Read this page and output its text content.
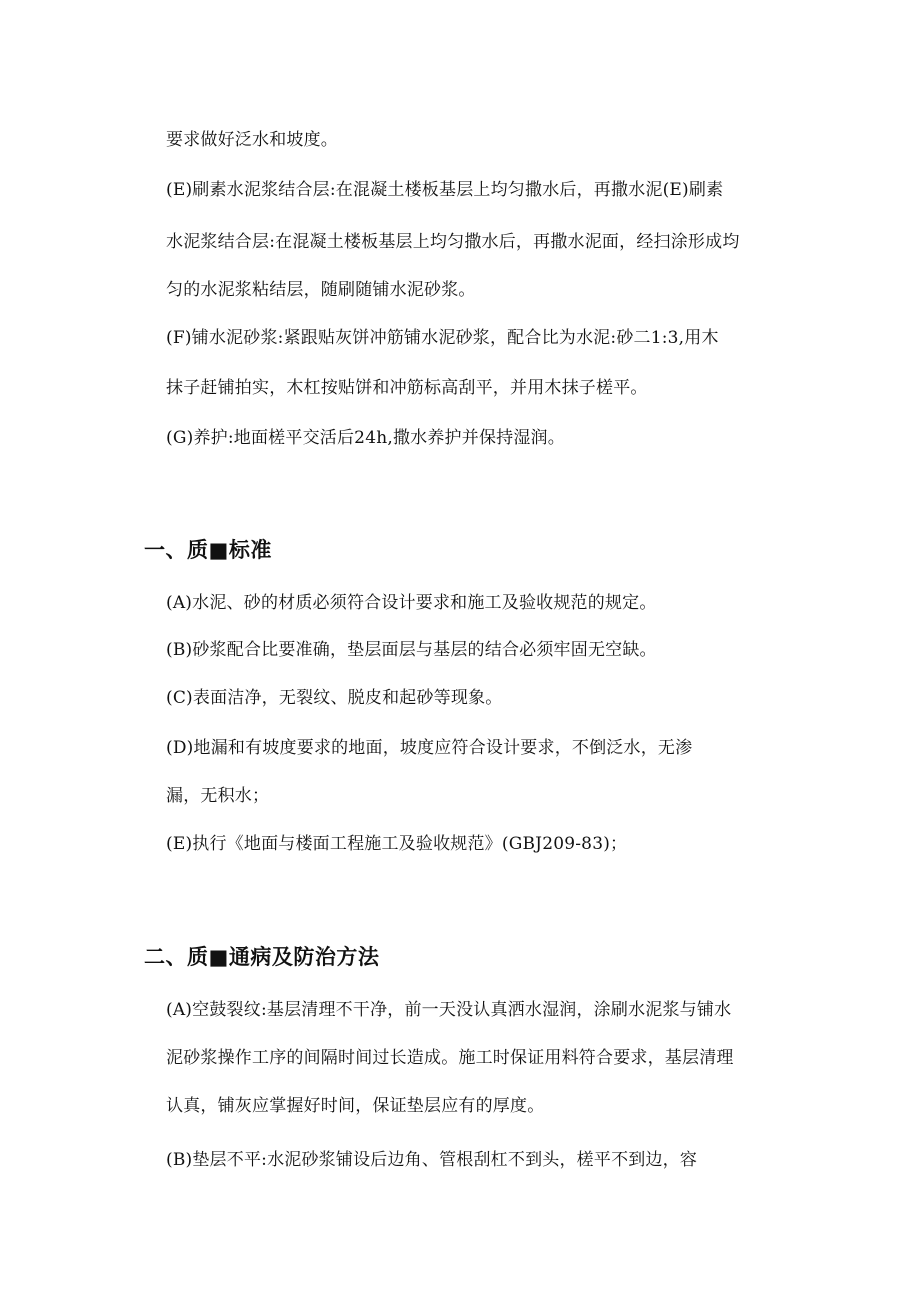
要求做好泛水和坡度。

(E)刷素水泥浆结合层:在混凝土楼板基层上均匀撒水后，再撒水泥(E)刷素

水泥浆结合层:在混凝土楼板基层上均匀撒水后，再撒水泥面，经扫涂形成均

匀的水泥浆粘结层，随刷随铺水泥砂浆。

(F)铺水泥砂浆:紧跟贴灰饼冲筋铺水泥砂浆，配合比为水泥:砂二1:3,用木

抹子赶铺拍实，木杠按贴饼和冲筋标高刮平，并用木抹子槎平。

(G)养护:地面槎平交活后24h,撒水养护并保持湿润。

一、质■标准

(A)水泥、砂的材质必须符合设计要求和施工及验收规范的规定。

(B)砂浆配合比要准确，垫层面层与基层的结合必须牢固无空缺。

(C)表面洁净，无裂纹、脱皮和起砂等现象。

(D)地漏和有坡度要求的地面，坡度应符合设计要求，不倒泛水，无渗

漏，无积水；

(E)执行《地面与楼面工程施工及验收规范》(GBJ209-83)；

二、质■通病及防治方法

(A)空鼓裂纹:基层清理不干净，前一天没认真洒水湿润，涂刷水泥浆与铺水

泥砂浆操作工序的间隔时间过长造成。施工时保证用料符合要求，基层清理

认真，铺灰应掌握好时间，保证垫层应有的厚度。

(B)垫层不平:水泥砂浆铺设后边角、管根刮杠不到头，槎平不到边，容
